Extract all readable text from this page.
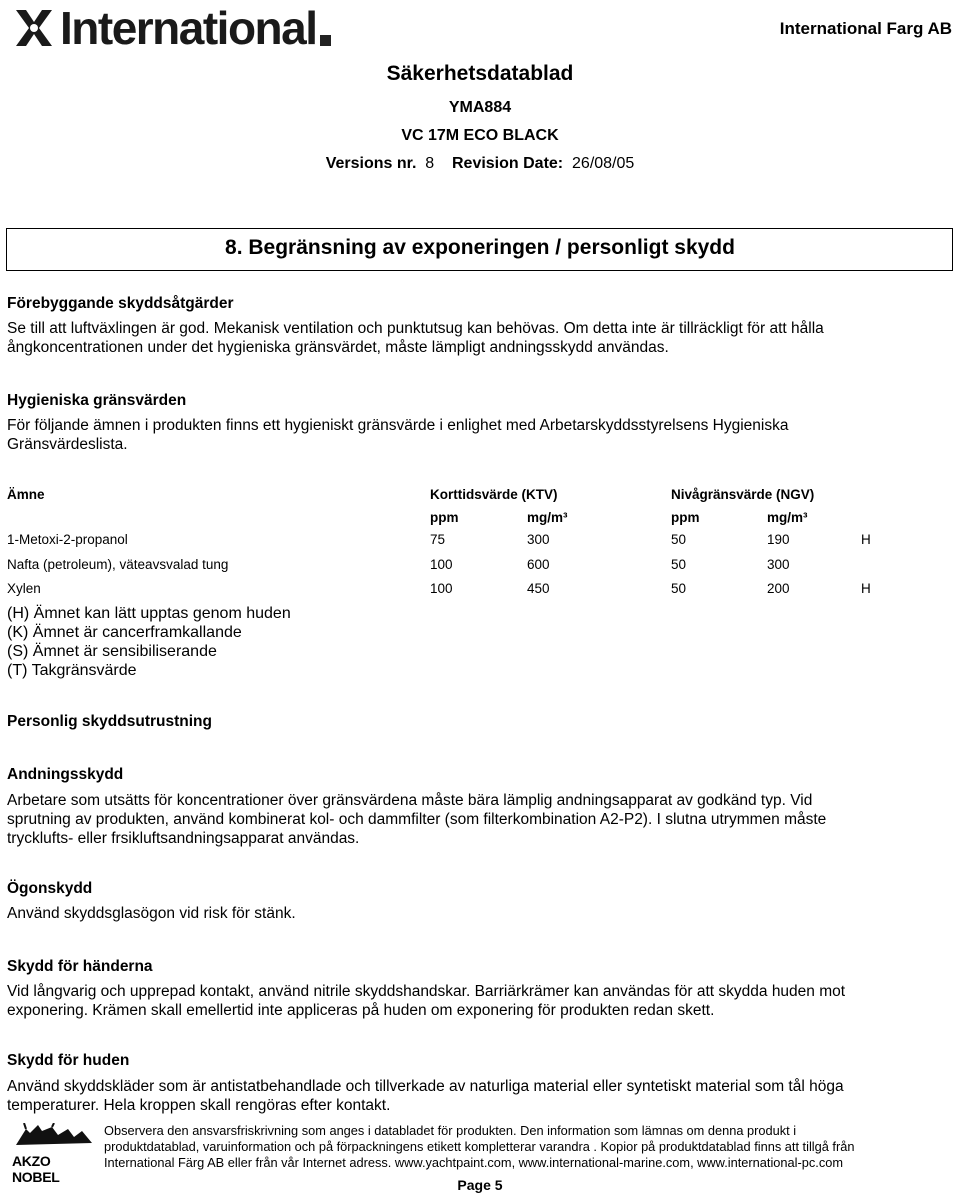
International	International Farg AB
Säkerhetsdatablad
YMA884
VC 17M ECO BLACK
Versions nr. 8 Revision Date: 26/08/05
8. Begränsning av exponeringen / personligt skydd
Förebyggande skyddsåtgärder
Se till att luftväxlingen är god. Mekanisk ventilation och punktutsug kan behövas. Om detta inte är tillräckligt för att hålla
ångkoncentrationen under det hygieniska gränsvärdet, måste lämpligt andningsskydd användas.
Hygieniska gränsvärden
För följande ämnen i produkten finns ett hygieniskt gränsvärde i enlighet med Arbetarskyddsstyrelsens Hygieniska
Gränsvärdeslista.
Ämne	Korttidsvärde (KTV)	Nivågränsvärde (NGV)
ppm	mg/m³	ppm	mg/m³
1-Metoxi-2-propanol	75	300	50	190	H
Nafta (petroleum), väteavsvalad tung	100	600	50	300
Xylen	100	450	50	200	H
(H) Ämnet kan lätt upptas genom huden
(K) Ämnet är cancerframkallande
(S) Ämnet är sensibiliserande
(T) Takgränsvärde
Personlig skyddsutrustning
Andningsskydd
Arbetare som utsätts för koncentrationer över gränsvärdena måste bära lämplig andningsapparat av godkänd typ. Vid
sprutning av produkten, använd kombinerat kol- och dammfilter (som filterkombination A2-P2). I slutna utrymmen måste
trycklufts- eller frsikluftsandningsapparat användas.
Ögonskydd
Använd skyddsglasögon vid risk för stänk.
Skydd för händerna
Vid långvarig och upprepad kontakt, använd nitrile skyddshandskar. Barriärkrämer kan användas för att skydda huden mot
exponering. Krämen skall emellertid inte appliceras på huden om exponering för produkten redan skett.
Skydd för huden
Använd skyddskläder som är antistatbehandlade och tillverkade av naturliga material eller syntetiskt material som tål höga
temperaturer. Hela kroppen skall rengöras efter kontakt.
AKZO NOBEL
Observera den ansvarsfriskrivning som anges i databladet för produkten. Den information som lämnas om denna produkt i
produktdatablad, varuinformation och på förpackningens etikett kompletterar varandra . Kopior på produktdatablad finns att tillgå från
International Färg AB eller från vår Internet adress. www.yachtpaint.com, www.international-marine.com, www.international-pc.com
Page 5
